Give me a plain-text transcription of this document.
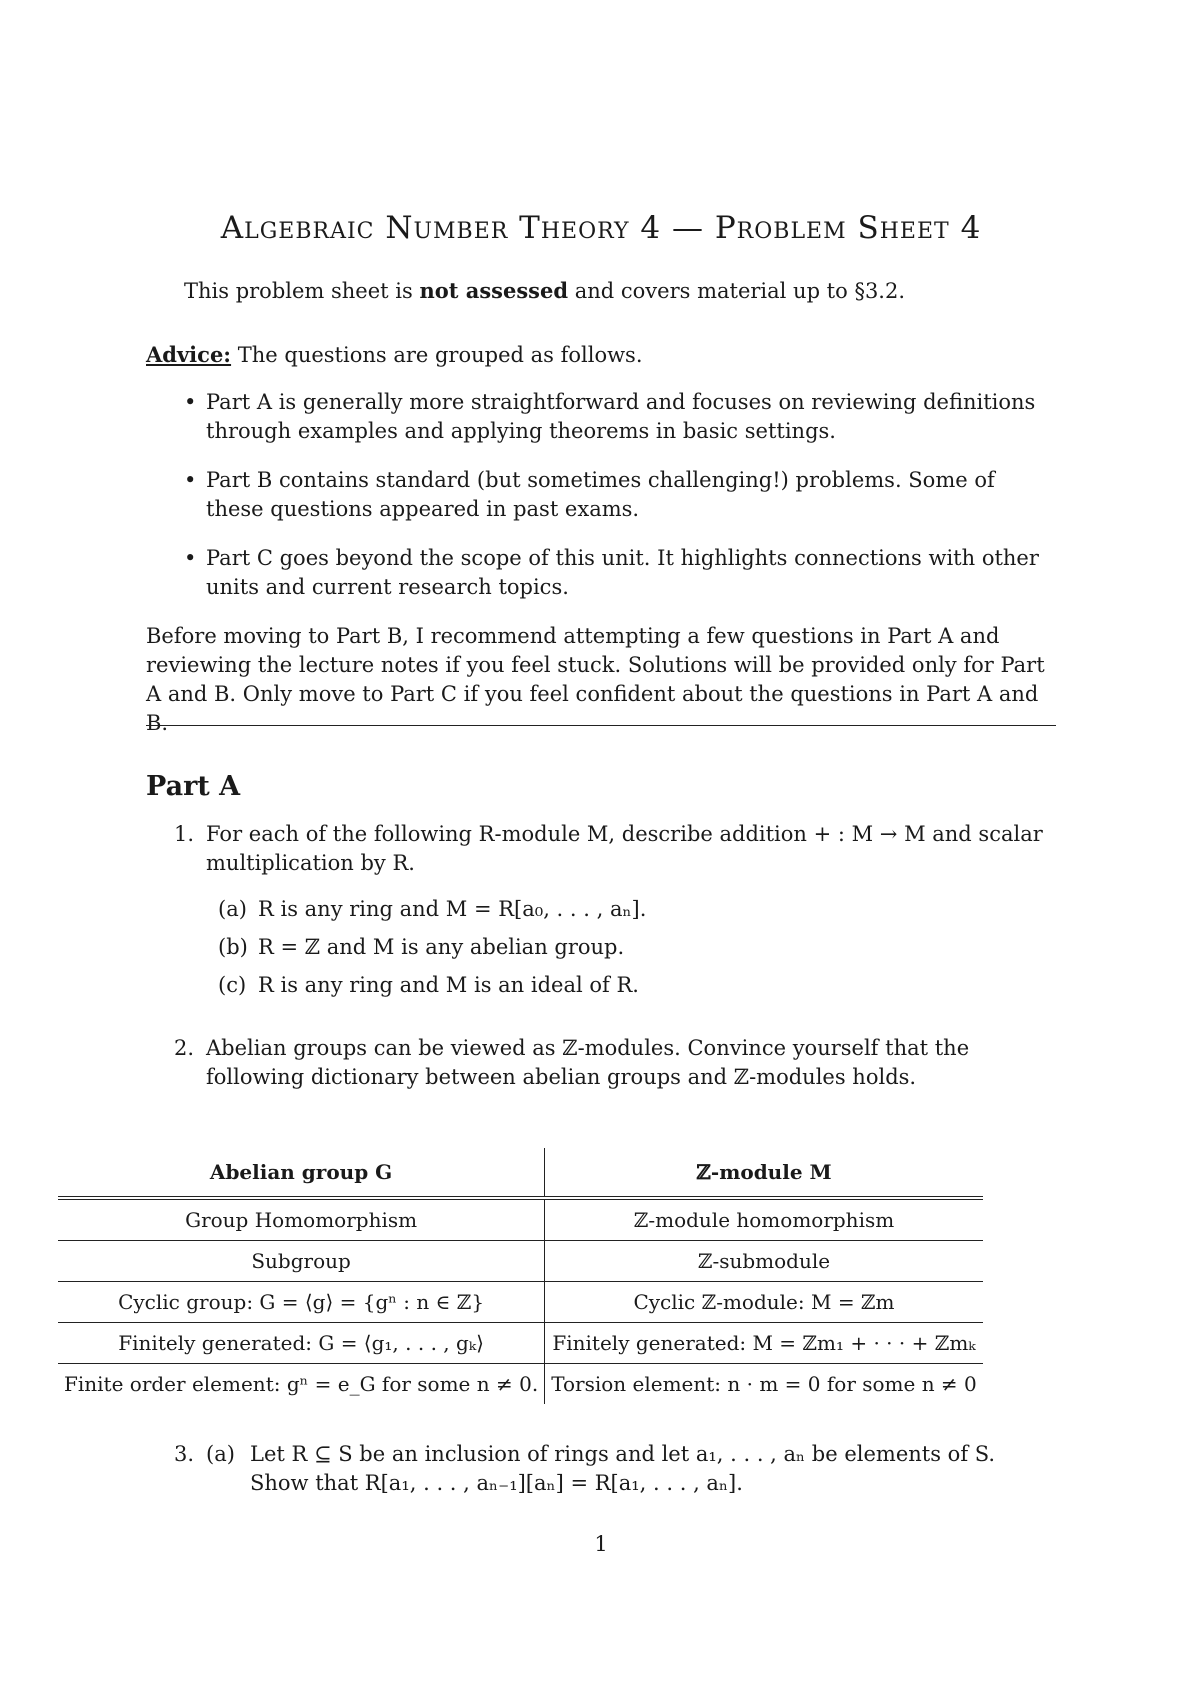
Algebraic Number Theory 4 — Problem Sheet 4
This problem sheet is not assessed and covers material up to §3.2.
Advice: The questions are grouped as follows.
• Part A is generally more straightforward and focuses on reviewing definitions through examples and applying theorems in basic settings.
• Part B contains standard (but sometimes challenging!) problems. Some of these questions appeared in past exams.
• Part C goes beyond the scope of this unit. It highlights connections with other units and current research topics.
Before moving to Part B, I recommend attempting a few questions in Part A and reviewing the lecture notes if you feel stuck. Solutions will be provided only for Part A and B. Only move to Part C if you feel confident about the questions in Part A and B.
Part A
1. For each of the following R-module M, describe addition + : M → M and scalar multiplication by R.
(a) R is any ring and M = R[a₀, . . . , aₙ].
(b) R = ℤ and M is any abelian group.
(c) R is any ring and M is an ideal of R.
2. Abelian groups can be viewed as ℤ-modules. Convince yourself that the following dictionary between abelian groups and ℤ-modules holds.
Abelian group G	ℤ-module M
Group Homomorphism	ℤ-module homomorphism
Subgroup	ℤ-submodule
Cyclic group: G = ⟨g⟩ = {gⁿ : n ∈ ℤ}	Cyclic ℤ-module: M = ℤm
Finitely generated: G = ⟨g₁, . . . , gₖ⟩	Finitely generated: M = ℤm₁ + · · · + ℤmₖ
Finite order element: gⁿ = e_G for some n ≠ 0.	Torsion element: n · m = 0 for some n ≠ 0
3. (a) Let R ⊆ S be an inclusion of rings and let a₁, . . . , aₙ be elements of S. Show that R[a₁, . . . , aₙ₋₁][aₙ] = R[a₁, . . . , aₙ].
1
